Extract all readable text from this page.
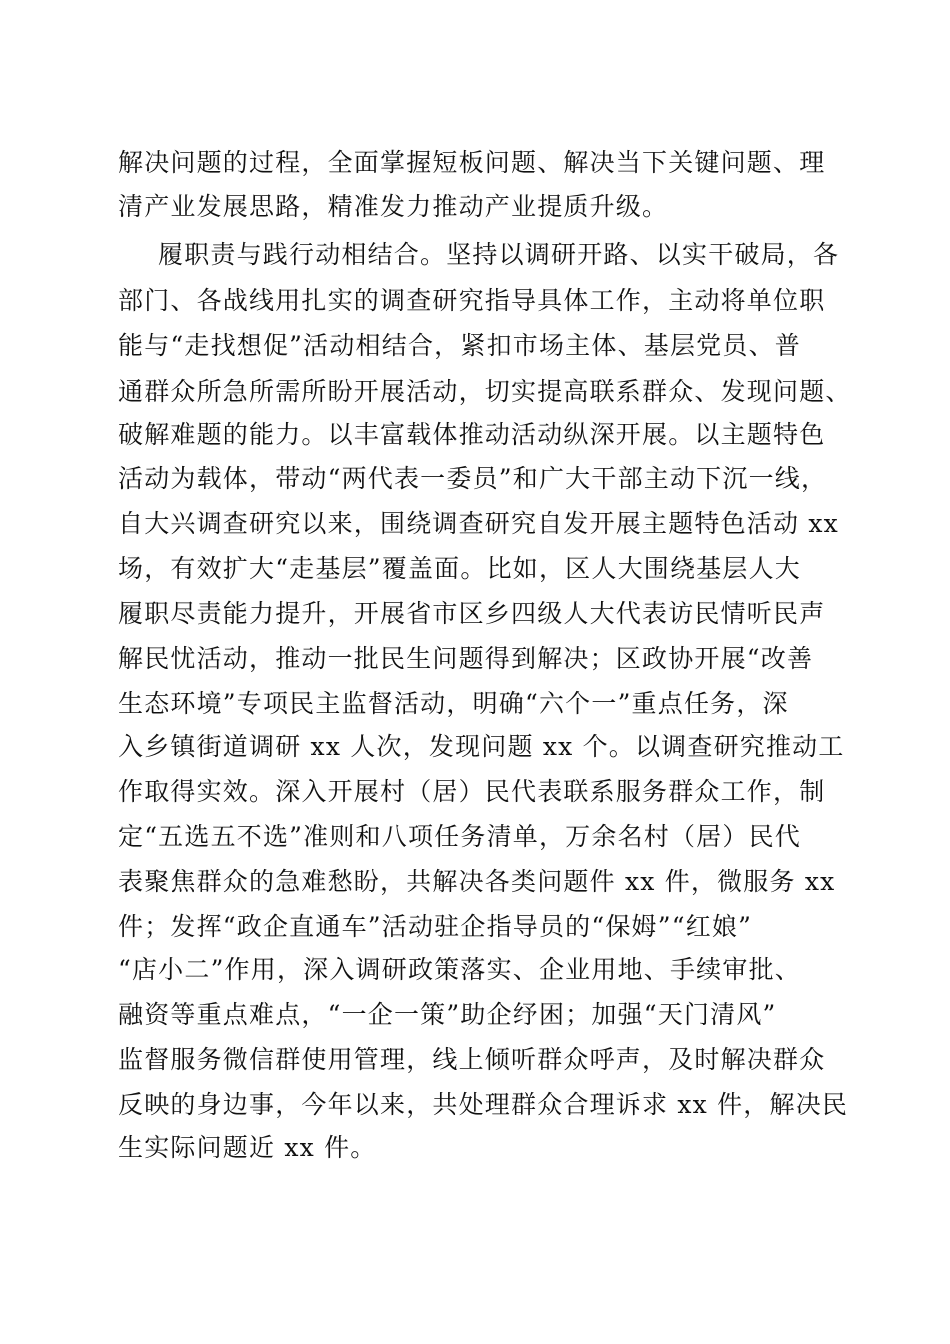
解决问题的过程，全面掌握短板问题、解决当下关键问题、理
清产业发展思路，精准发力推动产业提质升级。
履职责与践行动相结合。坚持以调研开路、以实干破局，各
部门、各战线用扎实的调查研究指导具体工作，主动将单位职
能与“走找想促”活动相结合，紧扣市场主体、基层党员、普
通群众所急所需所盼开展活动，切实提高联系群众、发现问题、
破解难题的能力。以丰富载体推动活动纵深开展。以主题特色
活动为载体，带动“两代表一委员”和广大干部主动下沉一线，
自大兴调查研究以来，围绕调查研究自发开展主题特色活动 xx
场，有效扩大“走基层”覆盖面。比如，区人大围绕基层人大
履职尽责能力提升，开展省市区乡四级人大代表访民情听民声
解民忧活动，推动一批民生问题得到解决；区政协开展“改善
生态环境”专项民主监督活动，明确“六个一”重点任务，深
入乡镇街道调研 xx 人次，发现问题 xx 个。以调查研究推动工
作取得实效。深入开展村（居）民代表联系服务群众工作，制
定“五选五不选”准则和八项任务清单，万余名村（居）民代
表聚焦群众的急难愁盼，共解决各类问题件 xx 件，微服务 xx
件；发挥“政企直通车”活动驻企指导员的“保姆”“红娘”
“店小二”作用，深入调研政策落实、企业用地、手续审批、
融资等重点难点，“一企一策”助企纾困；加强“天门清风”
监督服务微信群使用管理，线上倾听群众呼声，及时解决群众
反映的身边事，今年以来，共处理群众合理诉求 xx 件，解决民
生实际问题近 xx 件。
